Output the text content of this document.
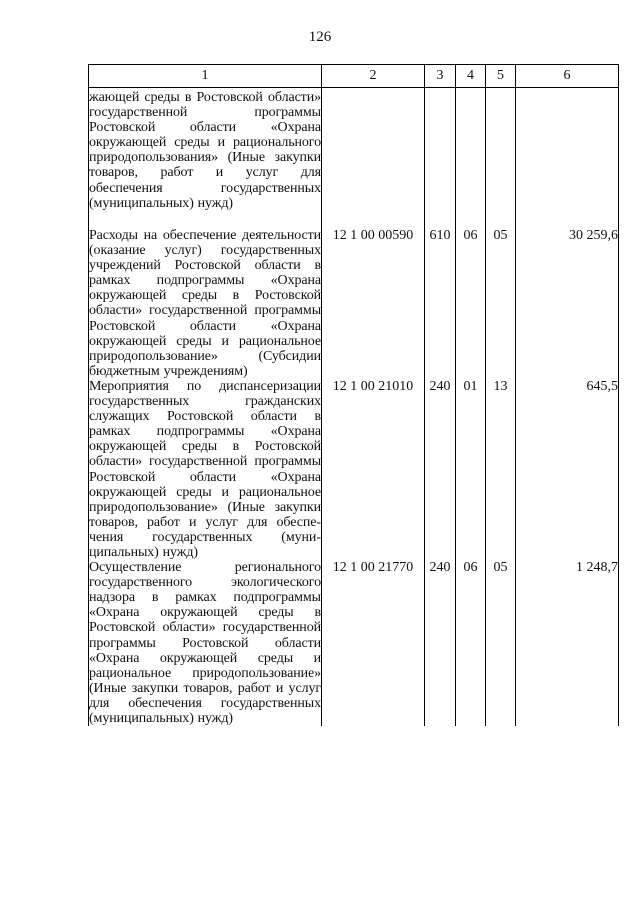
126
1	2	3	4	5	6
жающей среды в Ростовской области» государственной программы Ростовской области «Охрана окружающей среды и рационального природопользования» (Иные закупки товаров, работ и услуг для обеспечения государственных (муниципальных) нужд)					
Расходы на обеспечение деятельности (оказание услуг) государственных учреждений Ростовской области в рамках подпрограммы «Охрана окружающей среды в Ростовской области» государственной программы Ростовской области «Охрана окружающей среды и рациональное природопользование» (Субсидии бюджетным учреждениям)	12 1 00 00590	610	06	05	30 259,6
Мероприятия по диспансеризaции государственных гражданских служащих Ростовской области в рамках подпрограммы «Охрана окружающей среды в Ростовской области» государственной программы Ростовской области «Охрана окружающей среды и рациональное природопользование» (Иные закупки товаров, работ и услуг для обеспечения государственных (муниципальных) нужд)	12 1 00 21010	240	01	13	645,5
Осуществление регионального государственного экологического надзора в рамках подпрограммы «Охрана окружающей среды в Ростовской области» государственной программы Ростовской области «Охрана окружающей среды и рациональное природопользование» (Иные закупки товаров, работ и услуг для обеспечения государственных (муниципальных) нужд)	12 1 00 21770	240	06	05	1 248,7
